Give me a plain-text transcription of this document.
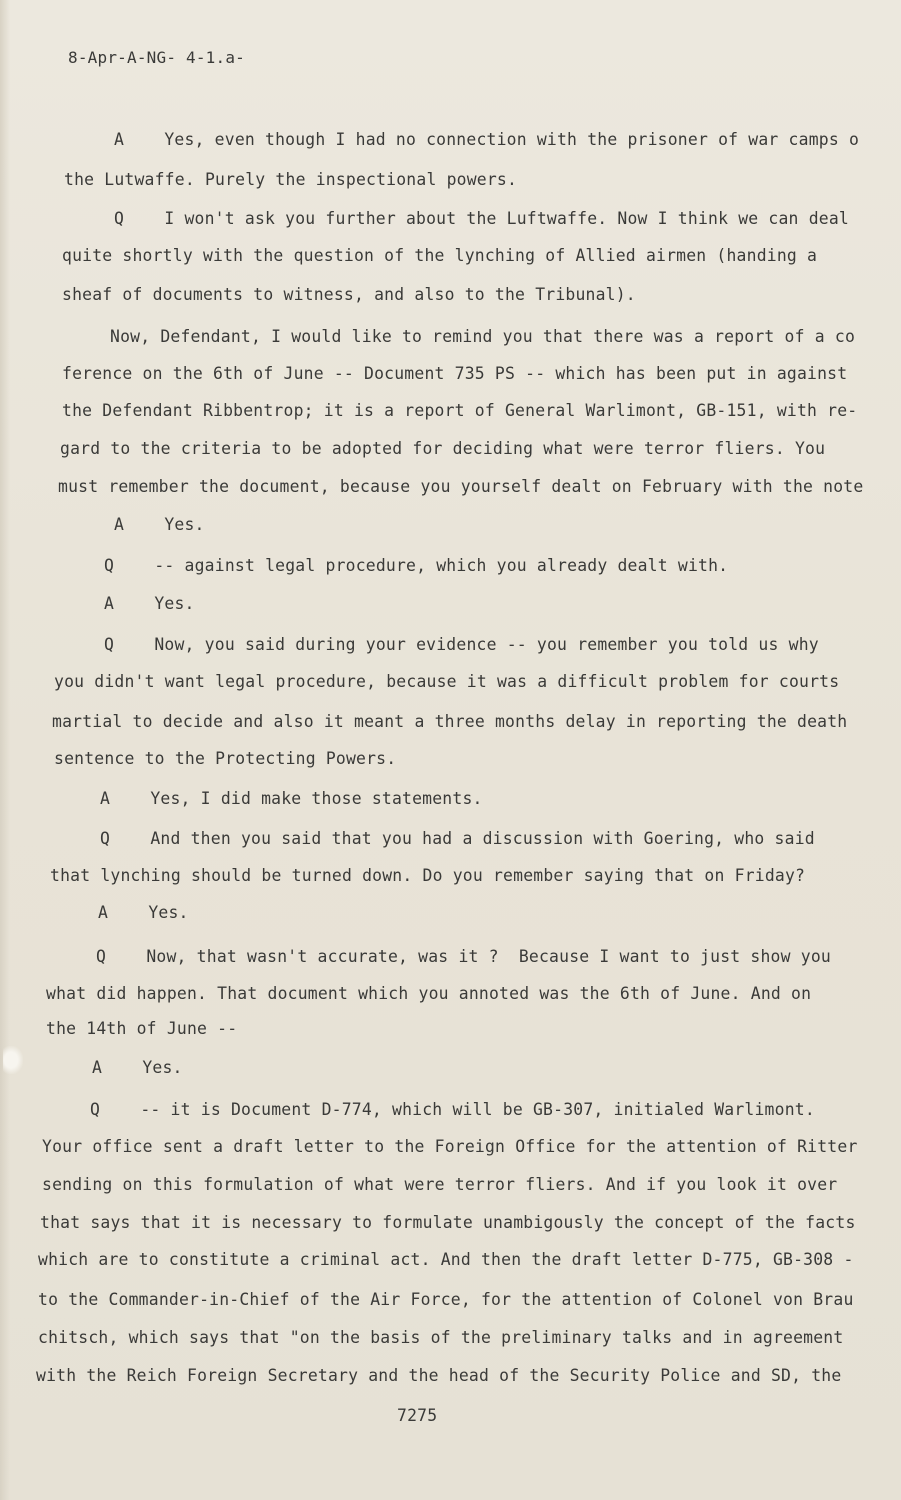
8-Apr-A-NG- 4-1.a-
A    Yes, even though I had no connection with the prisoner of war camps o
the Lutwaffe. Purely the inspectional powers.
Q    I won't ask you further about the Luftwaffe. Now I think we can deal
quite shortly with the question of the lynching of Allied airmen (handing a
sheaf of documents to witness, and also to the Tribunal).
Now, Defendant, I would like to remind you that there was a report of a co
ference on the 6th of June -- Document 735 PS -- which has been put in against
the Defendant Ribbentrop; it is a report of General Warlimont, GB-151, with re-
gard to the criteria to be adopted for deciding what were terror fliers. You
must remember the document, because you yourself dealt on February with the note
A    Yes.
Q    -- against legal procedure, which you already dealt with.
A    Yes.
Q    Now, you said during your evidence -- you remember you told us why
you didn't want legal procedure, because it was a difficult problem for courts
martial to decide and also it meant a three months delay in reporting the death
sentence to the Protecting Powers.
A    Yes, I did make those statements.
Q    And then you said that you had a discussion with Goering, who said
that lynching should be turned down. Do you remember saying that on Friday?
A    Yes.
Q    Now, that wasn't accurate, was it ?  Because I want to just show you
what did happen. That document which you annoted was the 6th of June. And on
the 14th of June --
A    Yes.
Q    -- it is Document D-774, which will be GB-307, initialed Warlimont.
Your office sent a draft letter to the Foreign Office for the attention of Ritter
sending on this formulation of what were terror fliers. And if you look it over
that says that it is necessary to formulate unambigously the concept of the facts
which are to constitute a criminal act. And then the draft letter D-775, GB-308 -
to the Commander-in-Chief of the Air Force, for the attention of Colonel von Brau
chitsch, which says that "on the basis of the preliminary talks and in agreement
with the Reich Foreign Secretary and the head of the Security Police and SD, the
7275
